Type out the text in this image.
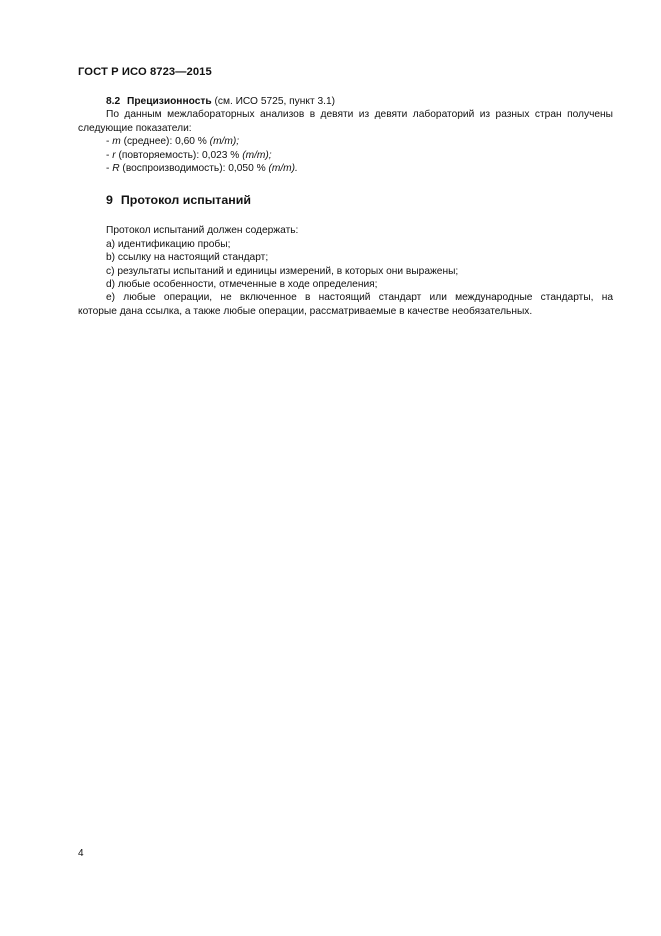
ГОСТ Р ИСО 8723—2015

8.2 Прецизионность (см. ИСО 5725, пункт 3.1)

По данным межлабораторных анализов в девяти из девяти лабораторий из разных стран получены

следующие показатели:

- m (среднее): 0,60 % (m/m);

- r (повторяемость): 0,023 % (m/m);

- R (воспроизводимость): 0,050 % (m/m).

9 Протокол испытаний

Протокол испытаний должен содержать:

a) идентификацию пробы;

b) ссылку на настоящий стандарт;

c) результаты испытаний и единицы измерений, в которых они выражены;

d) любые особенности, отмеченные в ходе определения;

e) любые операции, не включенное в настоящий стандарт или международные стандарты, на

которые дана ссылка, а также любые операции, рассматриваемые в качестве необязательных.

4
